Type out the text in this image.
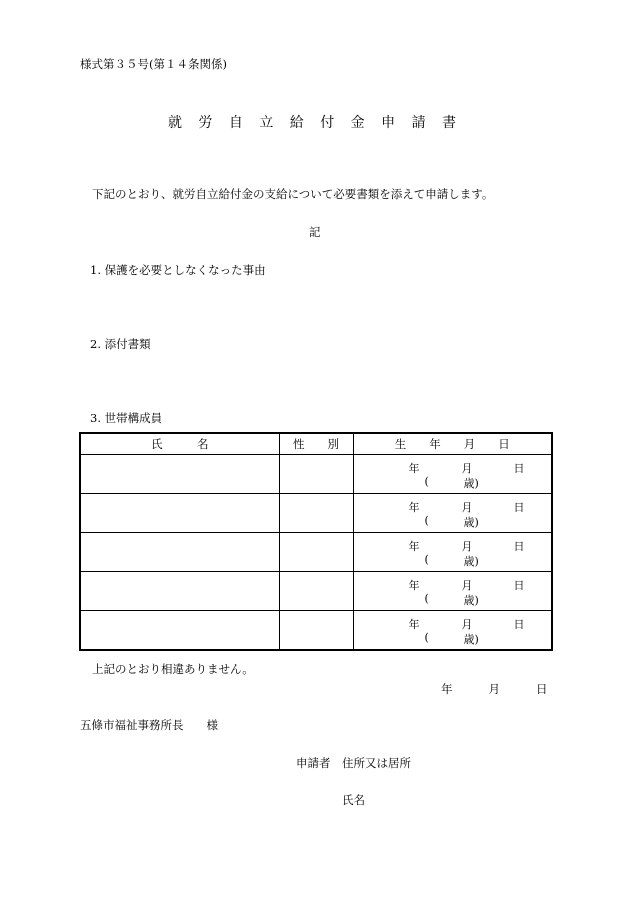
様式第３５号(第１４条関係)
就 労 自 立 給 付 金 申 請 書
下記のとおり、就労自立給付金の支給について必要書類を添えて申請します。
記
1. 保護を必要としなくなった事由
2. 添付書類
3. 世帯構成員
氏　　　名	性　　別	生　　年　　月　　日

		年 月 日
( 歳)

		年 月 日
( 歳)

		年 月 日
( 歳)

		年 月 日
( 歳)

		年 月 日
( 歳)
上記のとおり相違ありません。
年	月	日
五條市福祉事務所長　　様
申請者　住所又は居所
氏名
